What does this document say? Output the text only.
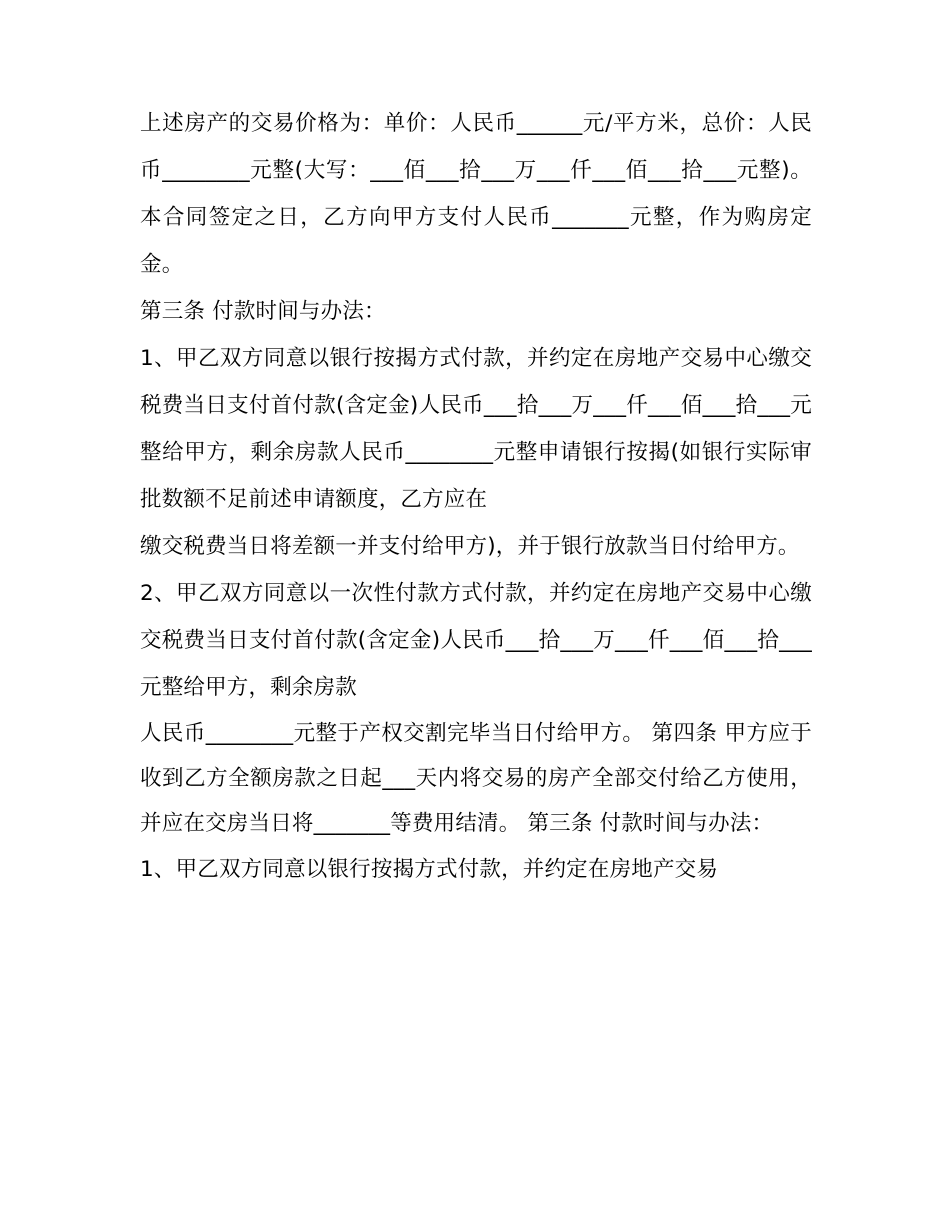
上述房产的交易价格为：单价：人民币______元/平方米，总价：人民币________元整(大写：___佰___拾___万___仟___佰___拾___元整)。本合同签定之日，乙方向甲方支付人民币_______元整，作为购房定金。

第三条 付款时间与办法：

1、甲乙双方同意以银行按揭方式付款，并约定在房地产交易中心缴交税费当日支付首付款(含定金)人民币___拾___万___仟___佰___拾___元整给甲方，剩余房款人民币________元整申请银行按揭(如银行实际审批数额不足前述申请额度，乙方应在

缴交税费当日将差额一并支付给甲方)，并于银行放款当日付给甲方。

2、甲乙双方同意以一次性付款方式付款，并约定在房地产交易中心缴交税费当日支付首付款(含定金)人民币___拾___万___仟___佰___拾___元整给甲方，剩余房款

人民币________元整于产权交割完毕当日付给甲方。 第四条 甲方应于收到乙方全额房款之日起___天内将交易的房产全部交付给乙方使用，并应在交房当日将_______等费用结清。 第三条 付款时间与办法：

1、甲乙双方同意以银行按揭方式付款，并约定在房地产交易
